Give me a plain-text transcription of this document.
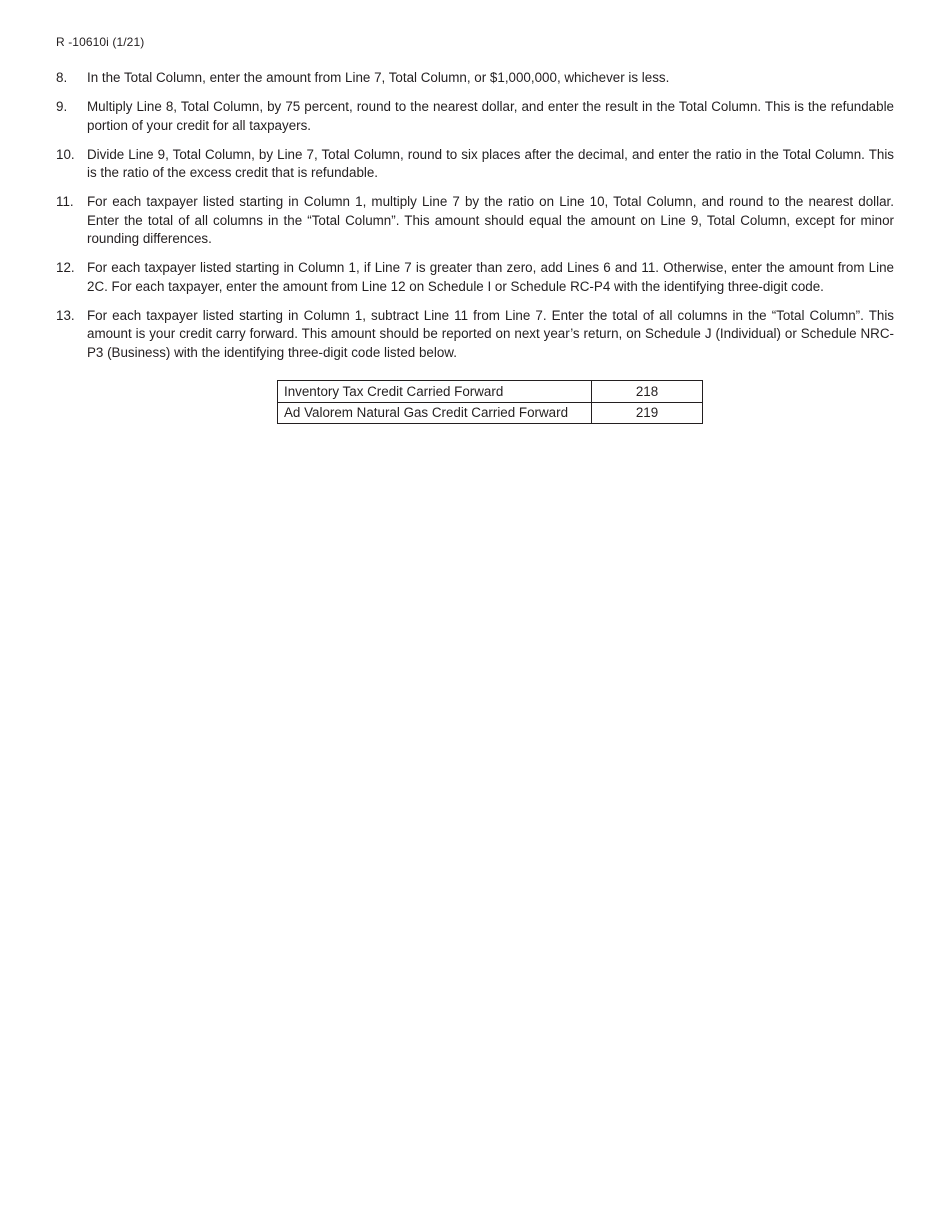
R -10610i (1/21)
8.	In the Total Column, enter the amount from Line 7, Total Column, or $1,000,000, whichever is less.
9.	Multiply Line 8, Total Column, by 75 percent, round to the nearest dollar, and enter the result in the Total Column. This is the refundable portion of your credit for all taxpayers.
10. Divide Line 9, Total Column, by Line 7, Total Column, round to six places after the decimal, and enter the ratio in the Total Column. This is the ratio of the excess credit that is refundable.
11. For each taxpayer listed starting in Column 1, multiply Line 7 by the ratio on Line 10, Total Column, and round to the nearest dollar. Enter the total of all columns in the “Total Column”. This amount should equal the amount on Line 9, Total Column, except for minor rounding differences.
12. For each taxpayer listed starting in Column 1, if Line 7 is greater than zero, add Lines 6 and 11. Otherwise, enter the amount from Line 2C. For each taxpayer, enter the amount from Line 12 on Schedule I or Schedule RC-P4 with the identifying three-digit code.
13. For each taxpayer listed starting in Column 1, subtract Line 11 from Line 7. Enter the total of all columns in the “Total Column”. This amount is your credit carry forward. This amount should be reported on next year’s return, on Schedule J (Individual) or Schedule NRC-P3 (Business) with the identifying three-digit code listed below.
Inventory Tax Credit Carried Forward	218
Ad Valorem Natural Gas Credit Carried Forward	219
